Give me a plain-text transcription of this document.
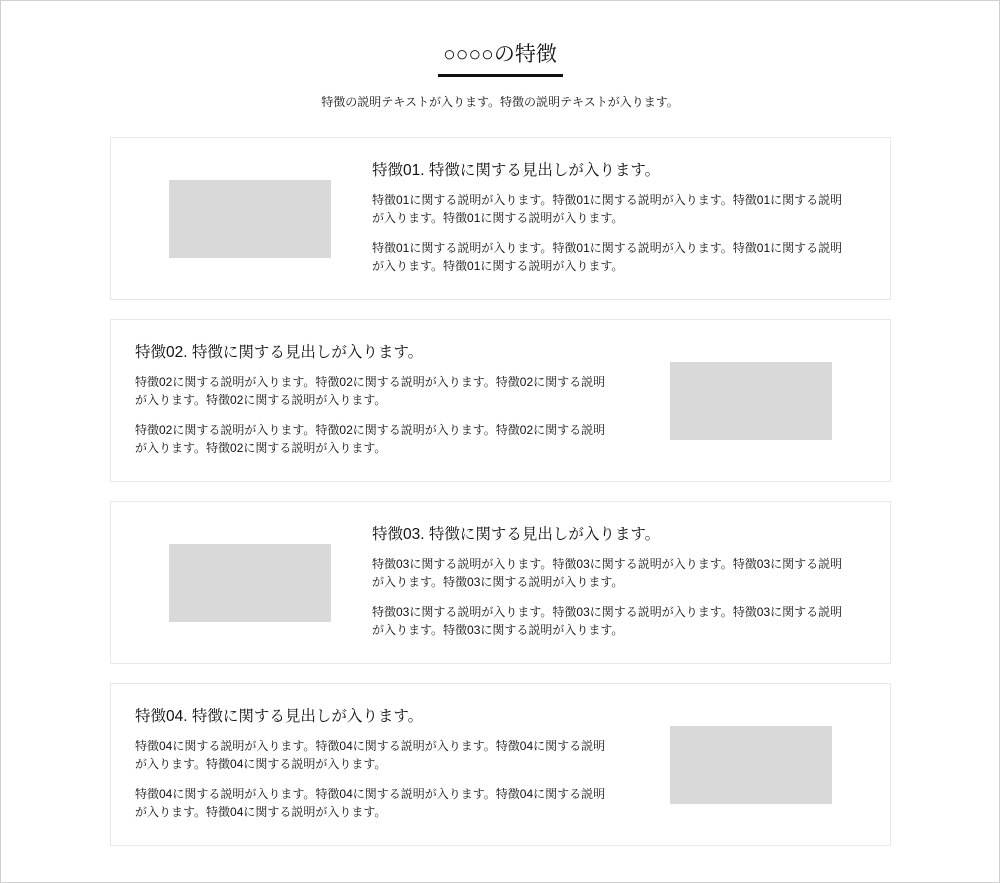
○○○○の特徴

特徴の説明テキストが入ります。特徴の説明テキストが入ります。

特徴01. 特徴に関する見出しが入ります。

特徴01に関する説明が入ります。特徴01に関する説明が入ります。特徴01に関する説明
が入ります。特徴01に関する説明が入ります。

特徴01に関する説明が入ります。特徴01に関する説明が入ります。特徴01に関する説明
が入ります。特徴01に関する説明が入ります。

特徴02. 特徴に関する見出しが入ります。

特徴02に関する説明が入ります。特徴02に関する説明が入ります。特徴02に関する説明
が入ります。特徴02に関する説明が入ります。

特徴02に関する説明が入ります。特徴02に関する説明が入ります。特徴02に関する説明
が入ります。特徴02に関する説明が入ります。

特徴03. 特徴に関する見出しが入ります。

特徴03に関する説明が入ります。特徴03に関する説明が入ります。特徴03に関する説明
が入ります。特徴03に関する説明が入ります。

特徴03に関する説明が入ります。特徴03に関する説明が入ります。特徴03に関する説明
が入ります。特徴03に関する説明が入ります。

特徴04. 特徴に関する見出しが入ります。

特徴04に関する説明が入ります。特徴04に関する説明が入ります。特徴04に関する説明
が入ります。特徴04に関する説明が入ります。

特徴04に関する説明が入ります。特徴04に関する説明が入ります。特徴04に関する説明
が入ります。特徴04に関する説明が入ります。
